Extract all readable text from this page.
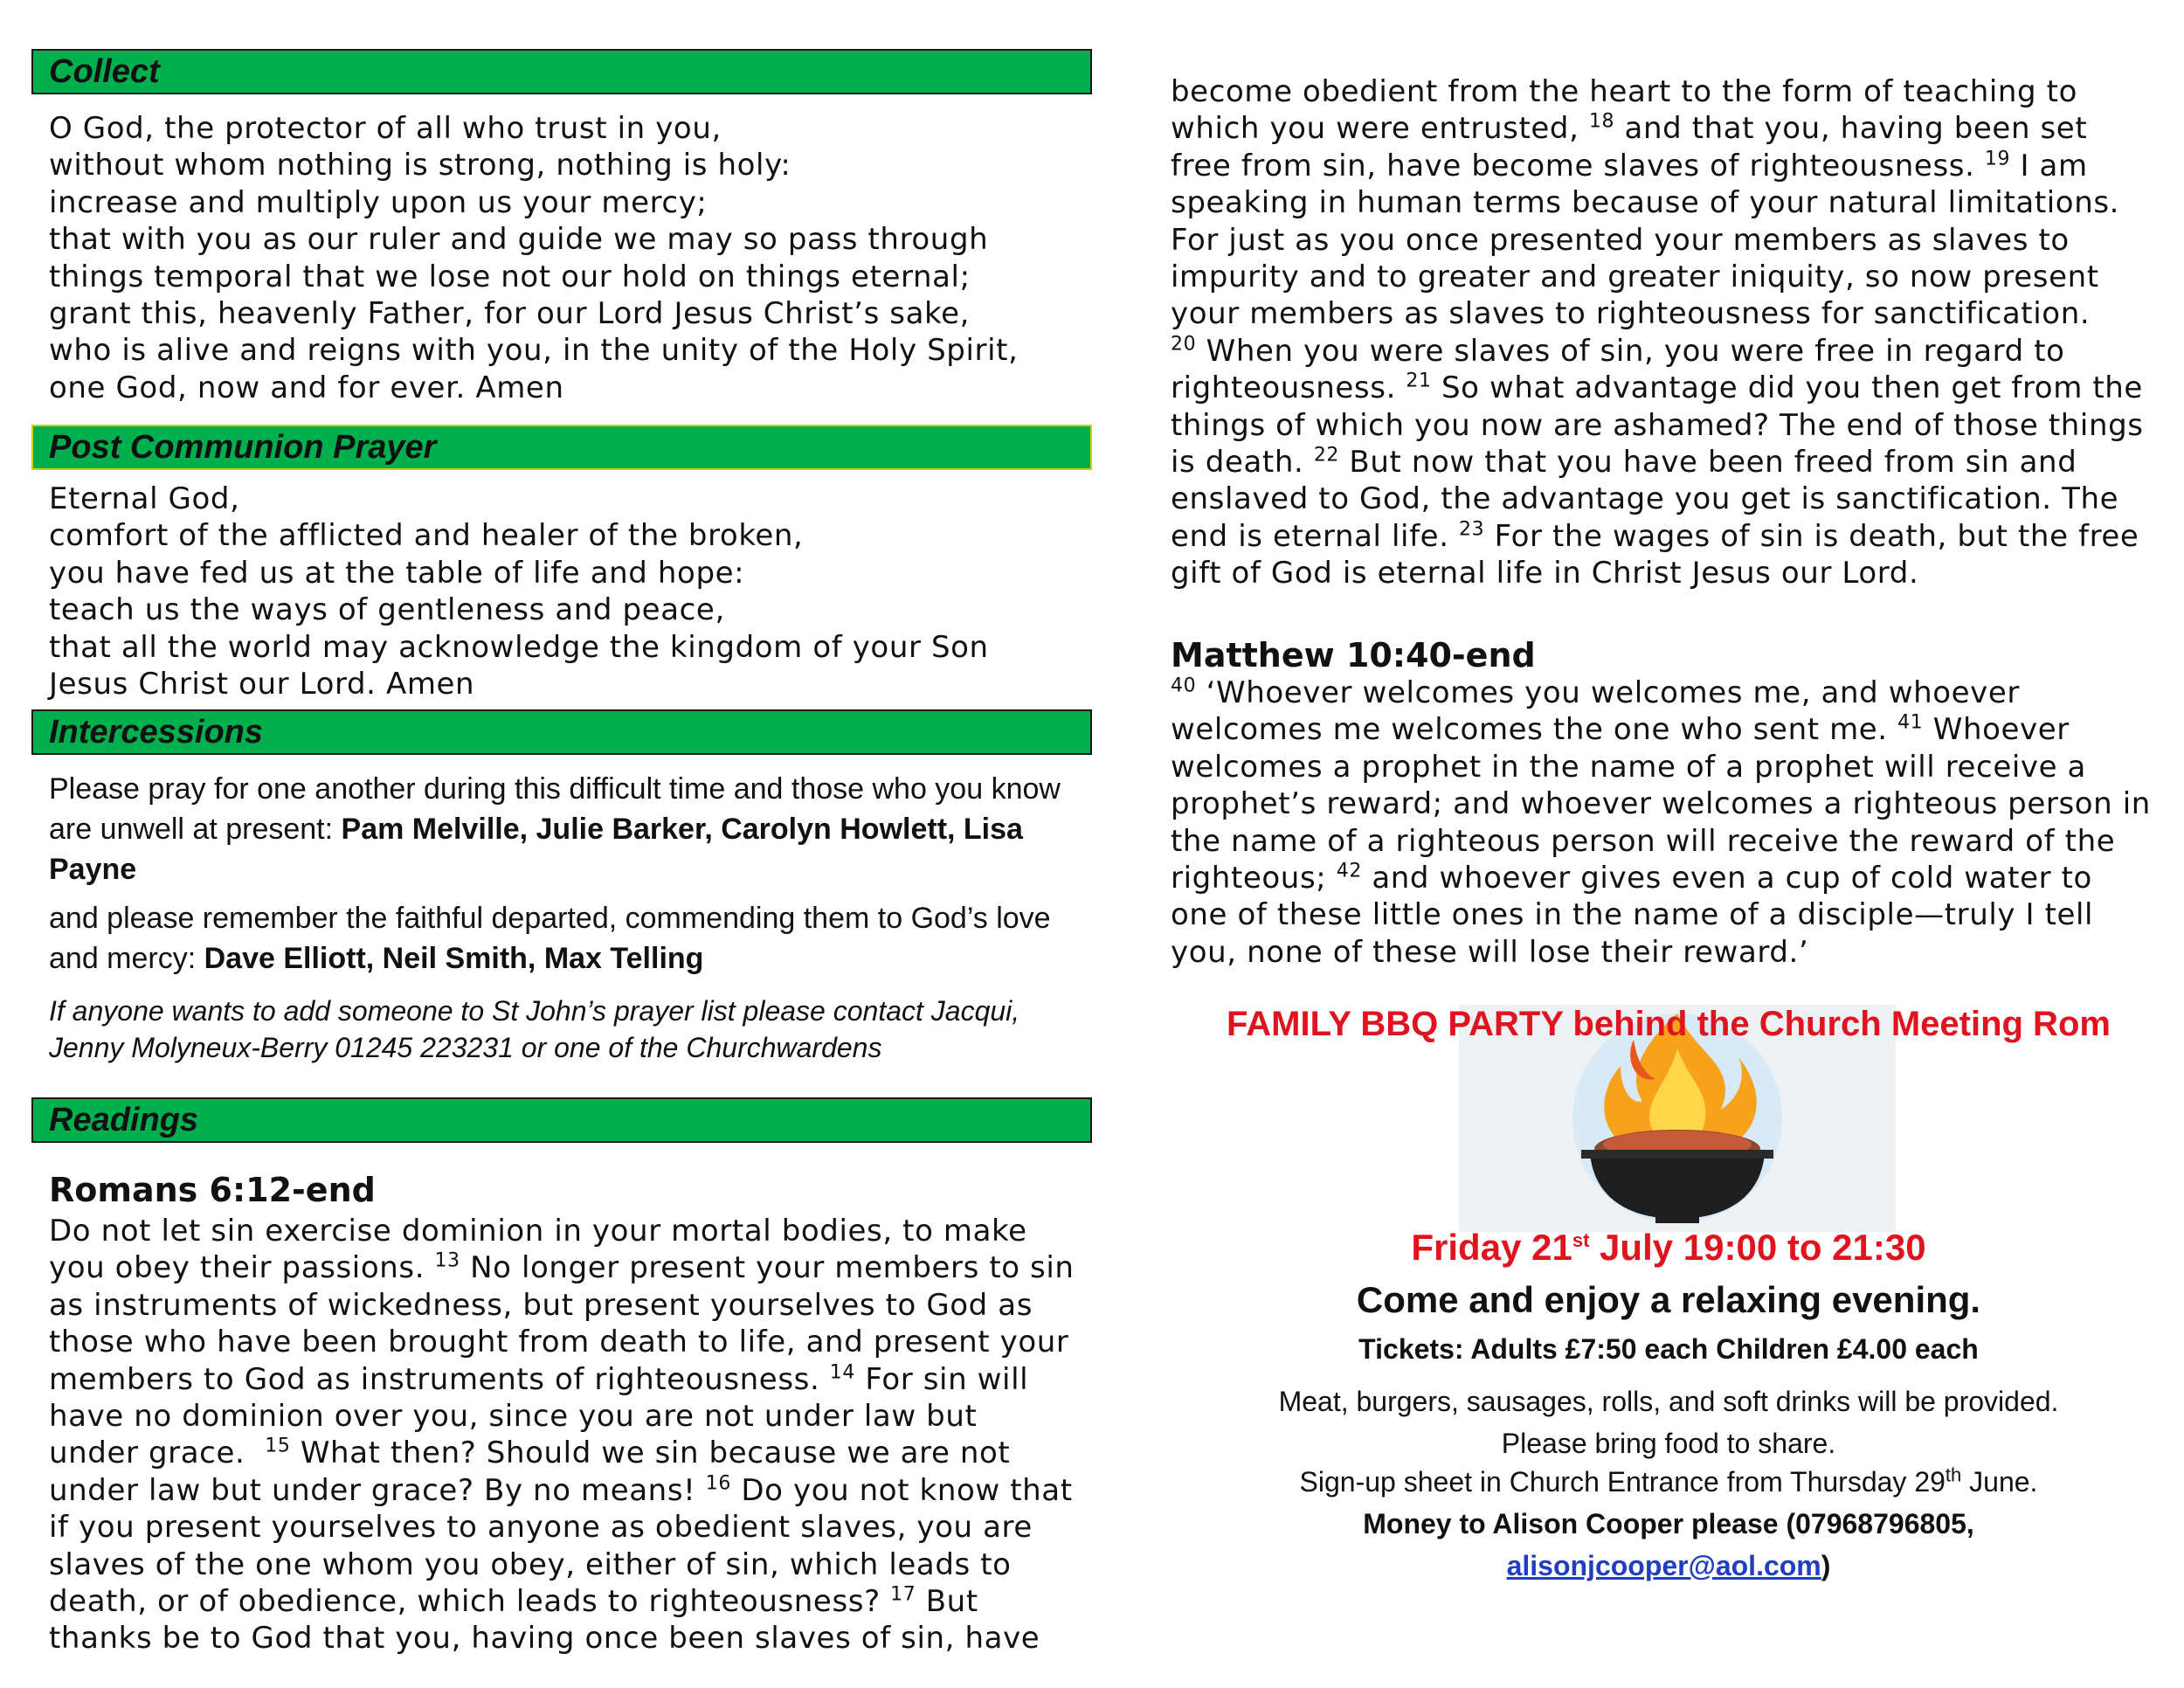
Collect
O God, the protector of all who trust in you,
without whom nothing is strong, nothing is holy:
increase and multiply upon us your mercy;
that with you as our ruler and guide we may so pass through
things temporal that we lose not our hold on things eternal;
grant this, heavenly Father, for our Lord Jesus Christ’s sake,
who is alive and reigns with you, in the unity of the Holy Spirit,
one God, now and for ever. Amen
Post Communion Prayer
Eternal God,
comfort of the afflicted and healer of the broken,
you have fed us at the table of life and hope:
teach us the ways of gentleness and peace,
that all the world may acknowledge the kingdom of your Son
Jesus Christ our Lord. Amen
Intercessions
Please pray for one another during this difficult time and those who you know are unwell at present: Pam Melville, Julie Barker, Carolyn Howlett, Lisa Payne
and please remember the faithful departed, commending them to God’s love and mercy: Dave Elliott, Neil Smith, Max Telling
If anyone wants to add someone to St John’s prayer list please contact Jacqui, Jenny Molyneux-Berry 01245 223231 or one of the Churchwardens
Readings
Romans 6:12-end
Do not let sin exercise dominion in your mortal bodies, to make
you obey their passions. $^{13}$ No longer present your members to sin
as instruments of wickedness, but present yourselves to God as
those who have been brought from death to life, and present your
members to God as instruments of righteousness. $^{14}$ For sin will
have no dominion over you, since you are not under law but
under grace.  $^{15}$ What then? Should we sin because we are not
under law but under grace? By no means! $^{16}$ Do you not know that
if you present yourselves to anyone as obedient slaves, you are
slaves of the one whom you obey, either of sin, which leads to
death, or of obedience, which leads to righteousness? $^{17}$ But
thanks be to God that you, having once been slaves of sin, have
become obedient from the heart to the form of teaching to
which you were entrusted, $^{18}$ and that you, having been set
free from sin, have become slaves of righteousness. $^{19}$ I am
speaking in human terms because of your natural limitations.
For just as you once presented your members as slaves to
impurity and to greater and greater iniquity, so now present
your members as slaves to righteousness for sanctification.
$^{20}$ When you were slaves of sin, you were free in regard to
righteousness. $^{21}$ So what advantage did you then get from the
things of which you now are ashamed? The end of those things
is death. $^{22}$ But now that you have been freed from sin and
enslaved to God, the advantage you get is sanctification. The
end is eternal life. $^{23}$ For the wages of sin is death, but the free
gift of God is eternal life in Christ Jesus our Lord.
Matthew 10:40-end
$^{40}$ ‘Whoever welcomes you welcomes me, and whoever
welcomes me welcomes the one who sent me. $^{41}$ Whoever
welcomes a prophet in the name of a prophet will receive a
prophet’s reward; and whoever welcomes a righteous person in
the name of a righteous person will receive the reward of the
righteous; $^{42}$ and whoever gives even a cup of cold water to
one of these little ones in the name of a disciple—truly I tell
you, none of these will lose their reward.’
FAMILY BBQ PARTY behind the Church Meeting Rom
Friday 21st July 19:00 to 21:30
Come and enjoy a relaxing evening.
Tickets: Adults £7:50 each Children £4.00 each
Meat, burgers, sausages, rolls, and soft drinks will be provided.
Please bring food to share.
Sign-up sheet in Church Entrance from Thursday 29th June.
Money to Alison Cooper please (07968796805,
alisonjcooper@aol.com)
